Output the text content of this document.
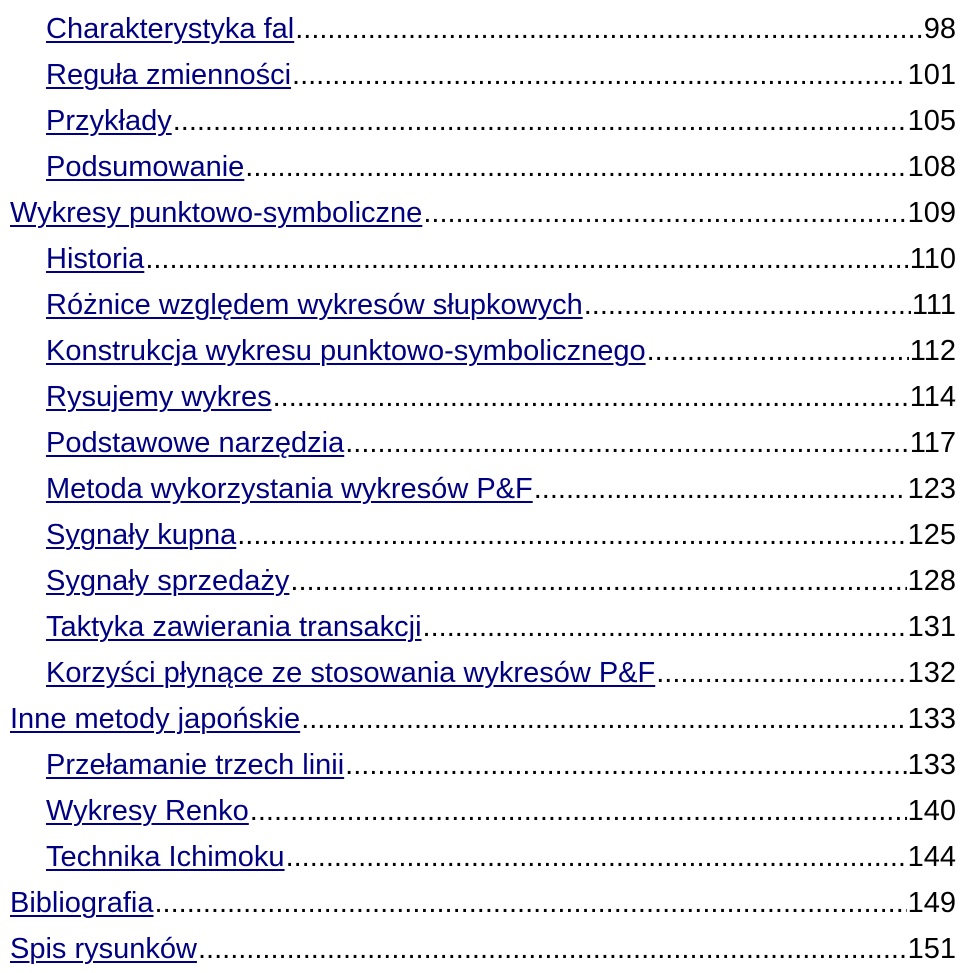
Charakterystyka fal .....	98
Reguła zmienności .....	101
Przykłady .....	105
Podsumowanie .....	108
Wykresy punktowo-symboliczne .....	109
Historia .....	110
Różnice względem wykresów słupkowych .....	111
Konstrukcja wykresu punktowo-symbolicznego .....	112
Rysujemy wykres .....	114
Podstawowe narzędzia .....	117
Metoda wykorzystania wykresów P&F .....	123
Sygnały kupna .....	125
Sygnały sprzedaży .....	128
Taktyka zawierania transakcji .....	131
Korzyści płynące ze stosowania wykresów P&F .....	132
Inne metody japońskie .....	133
Przełamanie trzech linii .....	133
Wykresy Renko .....	140
Technika Ichimoku .....	144
Bibliografia .....	149
Spis rysunków .....	151
